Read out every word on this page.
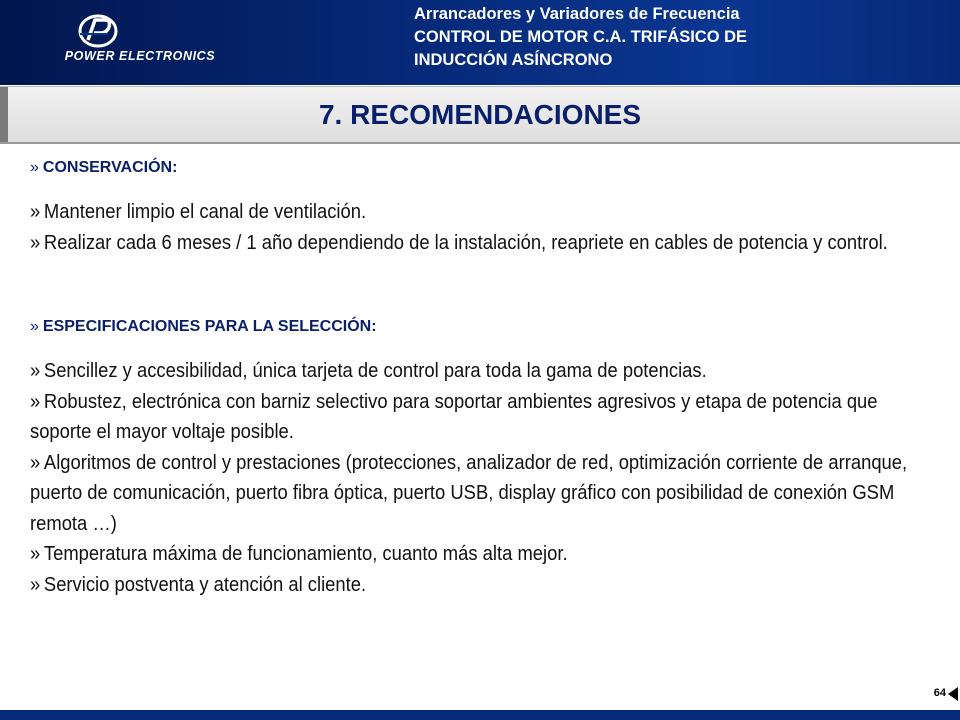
POWER ELECTRONICS
Arrancadores y Variadores de Frecuencia
CONTROL DE MOTOR C.A. TRIFÁSICO DE
INDUCCIÓN ASÍNCRONO
7. RECOMENDACIONES

» CONSERVACIÓN:

» Mantener limpio el canal de ventilación.

» Realizar cada 6 meses / 1 año dependiendo de la instalación, reapriete en cables de potencia y control.

» ESPECIFICACIONES PARA LA SELECCIÓN:

» Sencillez y accesibilidad, única tarjeta de control para toda la gama de potencias.

» Robustez, electrónica con barniz selectivo para soportar ambientes agresivos y etapa de potencia que soporte el mayor voltaje posible.

» Algoritmos de control y prestaciones (protecciones, analizador de red, optimización corriente de arranque, puerto de comunicación, puerto fibra óptica, puerto USB, display gráfico con posibilidad de conexión GSM remota …)

» Temperatura máxima de funcionamiento, cuanto más alta mejor.

» Servicio postventa y atención al cliente.

64
